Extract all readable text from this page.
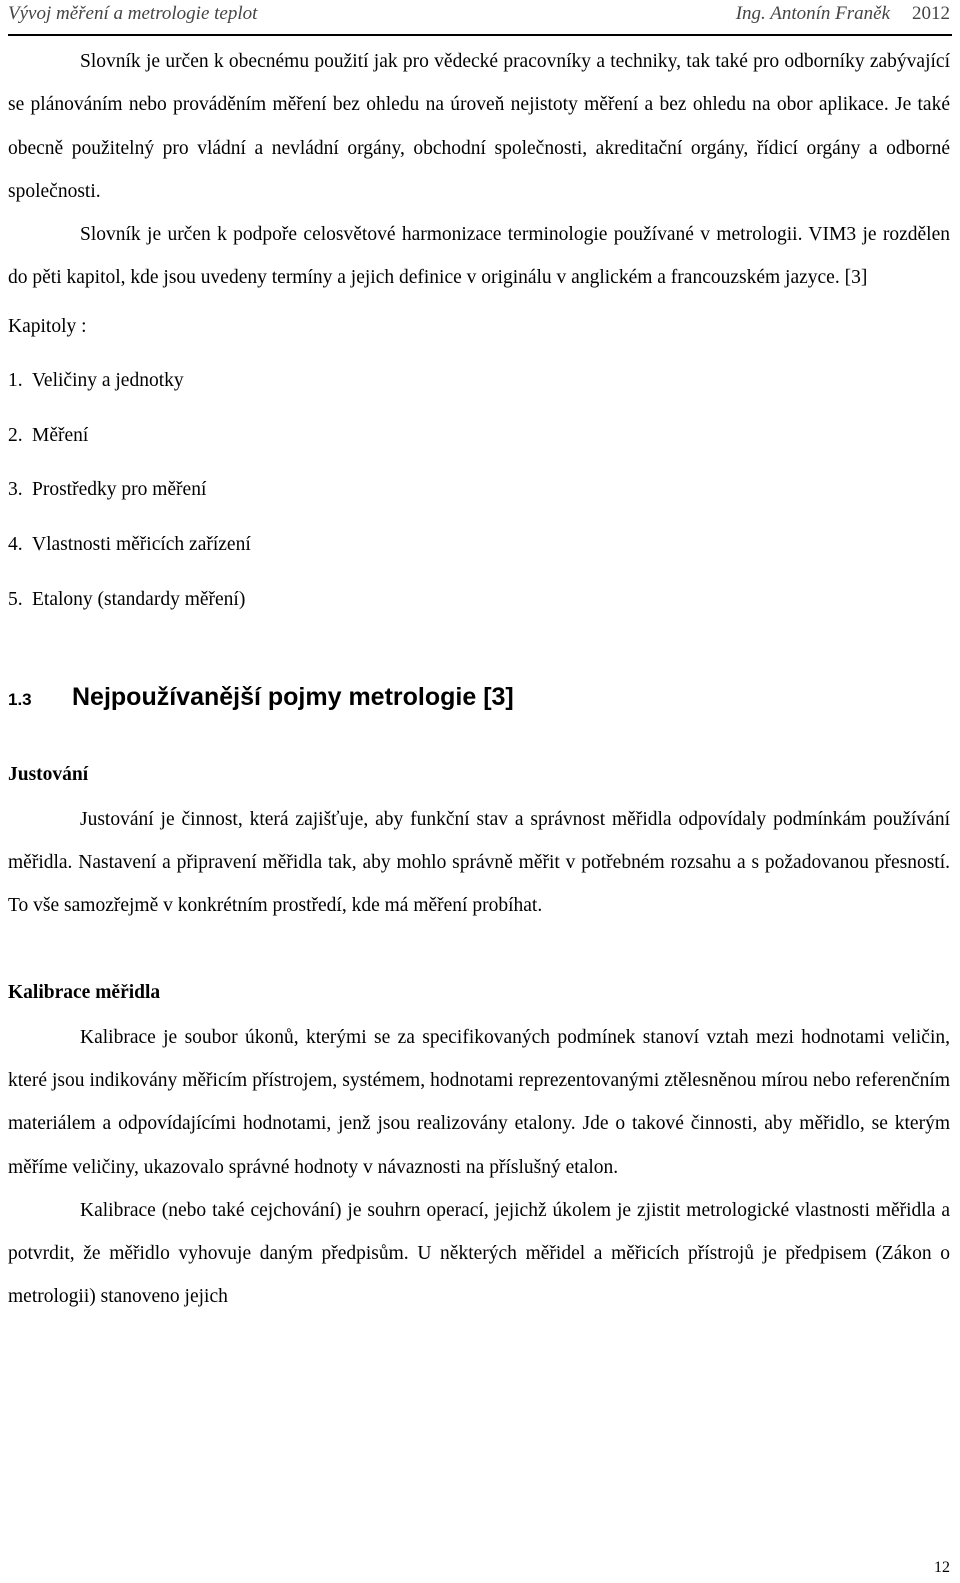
Vývoj měření a metrologie teplot	Ing. Antonín Franěk 2012

Slovník je určen k obecnému použití jak pro vědecké pracovníky a techniky, tak také pro odborníky zabývající se plánováním nebo prováděním měření bez ohledu na úroveň nejistoty měření a bez ohledu na obor aplikace. Je také obecně použitelný pro vládní a nevládní orgány, obchodní společnosti, akreditační orgány, řídicí orgány a odborné společnosti.

Slovník je určen k podpoře celosvětové harmonizace terminologie používané v metrologii. VIM3 je rozdělen do pěti kapitol, kde jsou uvedeny termíny a jejich definice v originálu v anglickém a francouzském jazyce. [3]

Kapitoly :
1. Veličiny a jednotky
2. Měření
3. Prostředky pro měření
4. Vlastnosti měřicích zařízení
5. Etalony (standardy měření)
1.3 Nejpoužívanější pojmy metrologie [3]
Justování

Justování je činnost, která zajišťuje, aby funkční stav a správnost měřidla odpovídaly podmínkám používání měřidla. Nastavení a připravení měřidla tak, aby mohlo správně měřit v potřebném rozsahu a s požadovanou přesností. To vše samozřejmě v konkrétním prostředí, kde má měření probíhat.

Kalibrace měřidla

Kalibrace je soubor úkonů, kterými se za specifikovaných podmínek stanoví vztah mezi hodnotami veličin, které jsou indikovány měřicím přístrojem, systémem, hodnotami reprezentovanými ztělesněnou mírou nebo referenčním materiálem a odpovídajícími hodnotami, jenž jsou realizovány etalony. Jde o takové činnosti, aby měřidlo, se kterým měříme veličiny, ukazovalo správné hodnoty v návaznosti na příslušný etalon.

Kalibrace (nebo také cejchování) je souhrn operací, jejichž úkolem je zjistit metrologické vlastnosti měřidla a potvrdit, že měřidlo vyhovuje daným předpisům. U některých měřidel a měřicích přístrojů je předpisem (Zákon o metrologii) stanoveno jejich

12
